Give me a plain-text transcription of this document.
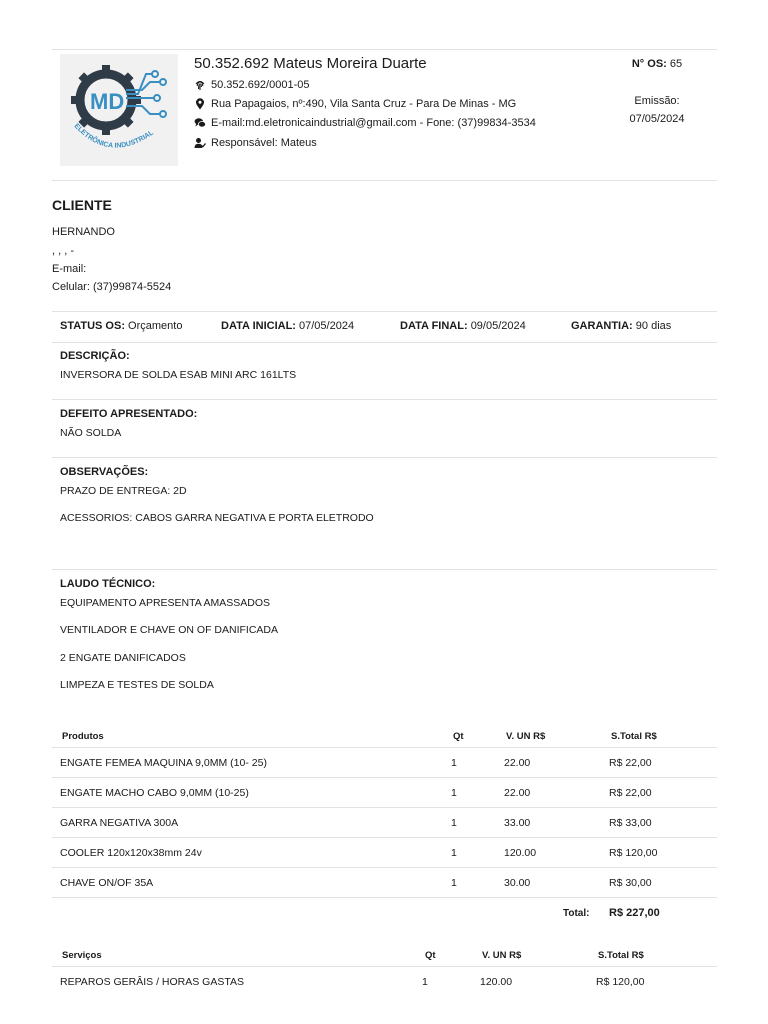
MD
ELETRÔNICA INDUSTRIAL
50.352.692 Mateus Moreira Duarte
50.352.692/0001-05
Rua Papagaios, nº:490, Vila Santa Cruz - Para De Minas - MG
E-mail:md.eletronicaindustrial@gmail.com - Fone: (37)99834-3534
Responsável: Mateus
N° OS: 65
Emissão:
07/05/2024
CLIENTE
HERNANDO
, , , -
E-mail:
Celular: (37)99874-5524
STATUS OS: Orçamento	DATA INICIAL: 07/05/2024	DATA FINAL: 09/05/2024	GARANTIA: 90 dias
DESCRIÇÃO:
INVERSORA DE SOLDA ESAB MINI ARC 161LTS
DEFEITO APRESENTADO:
NÃO SOLDA
OBSERVAÇÕES:
PRAZO DE ENTREGA: 2D
ACESSORIOS: CABOS GARRA NEGATIVA E PORTA ELETRODO
LAUDO TÉCNICO:
EQUIPAMENTO APRESENTA AMASSADOS
VENTILADOR E CHAVE ON OF DANIFICADA
2 ENGATE DANIFICADOS
LIMPEZA E TESTES DE SOLDA
Produtos	Qt	V. UN R$	S.Total R$
ENGATE FEMEA MAQUINA 9,0MM (10- 25)	1	22.00	R$ 22,00
ENGATE MACHO CABO 9,0MM (10-25)	1	22.00	R$ 22,00
GARRA NEGATIVA 300A	1	33.00	R$ 33,00
COOLER 120x120x38mm 24v	1	120.00	R$ 120,00
CHAVE ON/OF 35A	1	30.00	R$ 30,00
Total: R$ 227,00
Serviços	Qt	V. UN R$	S.Total R$
REPAROS GERÂIS / HORAS GASTAS	1	120.00	R$ 120,00
